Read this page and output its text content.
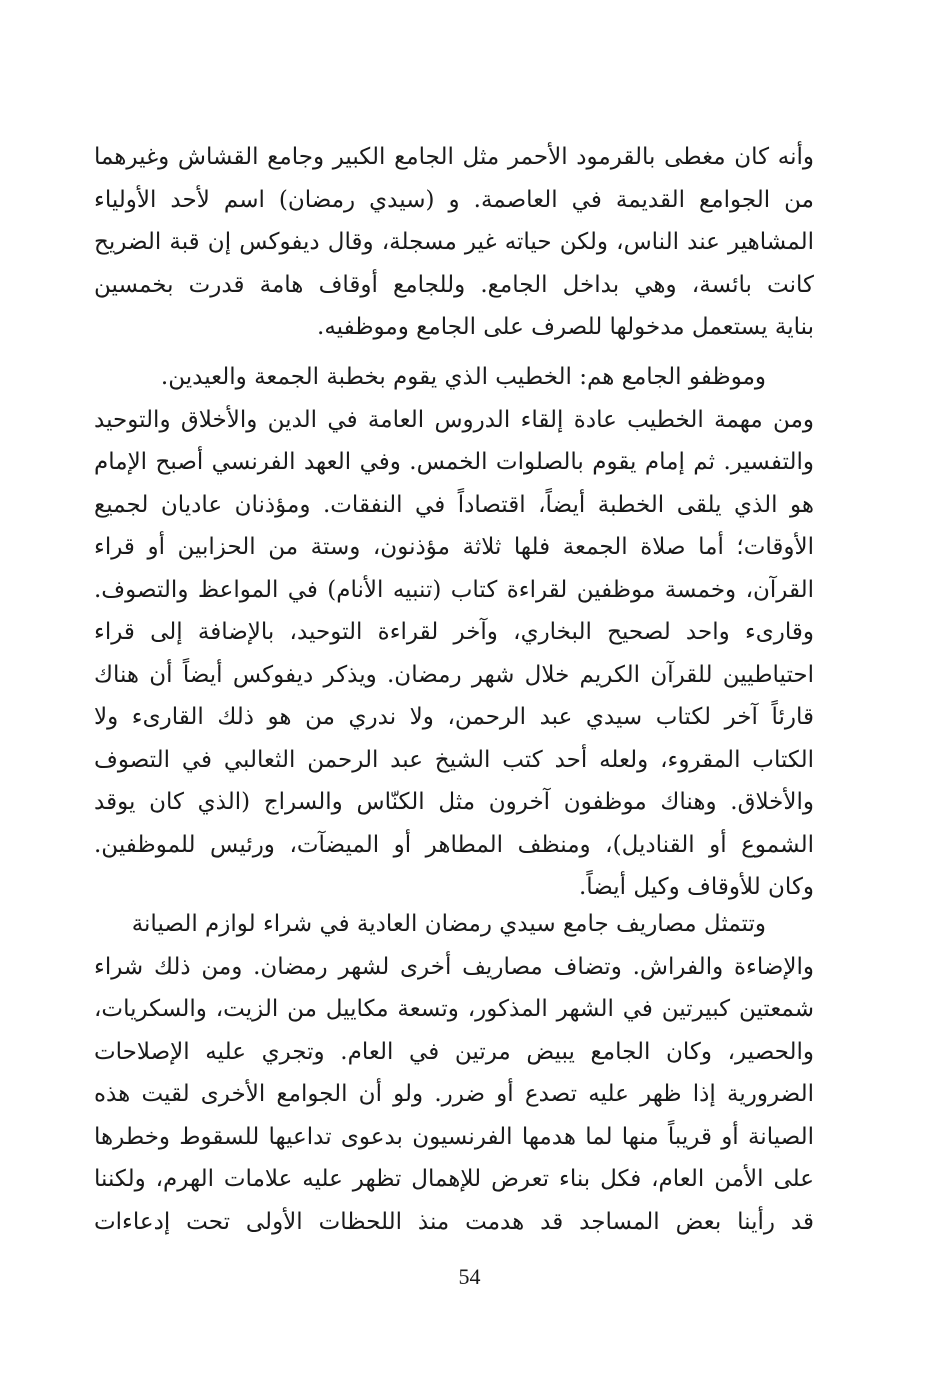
وأنه كان مغطى بالقرمود الأحمر مثل الجامع الكبير وجامع القشاش وغيرهما
من الجوامع القديمة في العاصمة. و (سيدي رمضان) اسم لأحد الأولياء
المشاهير عند الناس، ولكن حياته غير مسجلة، وقال ديفوكس إن قبة الضريح
كانت بائسة، وهي بداخل الجامع. وللجامع أوقاف هامة قدرت بخمسين
بناية يستعمل مدخولها للصرف على الجامع وموظفيه.
وموظفو الجامع هم: الخطيب الذي يقوم بخطبة الجمعة والعيدين.
ومن مهمة الخطيب عادة إلقاء الدروس العامة في الدين والأخلاق والتوحيد
والتفسير. ثم إمام يقوم بالصلوات الخمس. وفي العهد الفرنسي أصبح الإمام
هو الذي يلقى الخطبة أيضاً، اقتصاداً في النفقات. ومؤذنان عاديان لجميع
الأوقات؛ أما صلاة الجمعة فلها ثلاثة مؤذنون، وستة من الحزابين أو قراء
القرآن، وخمسة موظفين لقراءة كتاب (تنبيه الأنام) في المواعظ والتصوف.
وقارىء واحد لصحيح البخاري، وآخر لقراءة التوحيد، بالإضافة إلى قراء
احتياطيين للقرآن الكريم خلال شهر رمضان. ويذكر ديفوكس أيضاً أن هناك
قارئاً آخر لكتاب سيدي عبد الرحمن، ولا ندري من هو ذلك القارىء ولا
الكتاب المقروء، ولعله أحد كتب الشيخ عبد الرحمن الثعالبي في التصوف
والأخلاق. وهناك موظفون آخرون مثل الكنّاس والسراج (الذي كان يوقد
الشموع أو القناديل)، ومنظف المطاهر أو الميضآت، ورئيس للموظفين.
وكان للأوقاف وكيل أيضاً.
وتتمثل مصاريف جامع سيدي رمضان العادية في شراء لوازم الصيانة
والإضاءة والفراش. وتضاف مصاريف أخرى لشهر رمضان. ومن ذلك شراء
شمعتين كبيرتين في الشهر المذكور، وتسعة مكاييل من الزيت، والسكريات،
والحصير، وكان الجامع يبيض مرتين في العام. وتجري عليه الإصلاحات
الضرورية إذا ظهر عليه تصدع أو ضرر. ولو أن الجوامع الأخرى لقيت هذه
الصيانة أو قريباً منها لما هدمها الفرنسيون بدعوى تداعيها للسقوط وخطرها
على الأمن العام، فكل بناء تعرض للإهمال تظهر عليه علامات الهرم، ولكننا
قد رأينا بعض المساجد قد هدمت منذ اللحظات الأولى تحت إدعاءات
54
